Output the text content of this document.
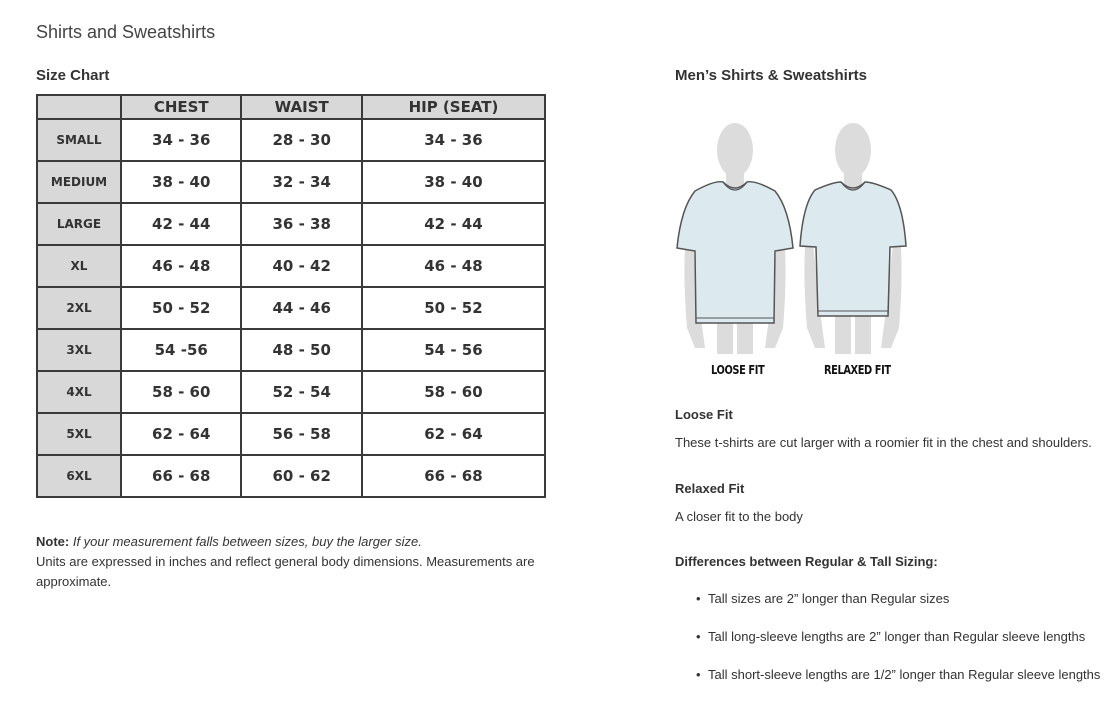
Shirts and Sweatshirts
Size Chart
	CHEST	WAIST	HIP (SEAT)
SMALL	34 - 36	28 - 30	34 - 36
MEDIUM	38 - 40	32 - 34	38 - 40
LARGE	42 - 44	36 - 38	42 - 44
XL	46 - 48	40 - 42	46 - 48
2XL	50 - 52	44 - 46	50 - 52
3XL	54 -56	48 - 50	54 - 56
4XL	58 - 60	52 - 54	58 - 60
5XL	62 - 64	56 - 58	62 - 64
6XL	66 - 68	60 - 62	66 - 68
Note: If your measurement falls between sizes, buy the larger size.
Units are expressed in inches and reflect general body dimensions. Measurements are approximate.
Men’s Shirts & Sweatshirts
LOOSE FIT	RELAXED FIT
Loose Fit
These t-shirts are cut larger with a roomier fit in the chest and shoulders.
Relaxed Fit
A closer fit to the body
Differences between Regular & Tall Sizing:
• Tall sizes are 2” longer than Regular sizes
• Tall long-sleeve lengths are 2” longer than Regular sleeve lengths
• Tall short-sleeve lengths are 1/2” longer than Regular sleeve lengths
